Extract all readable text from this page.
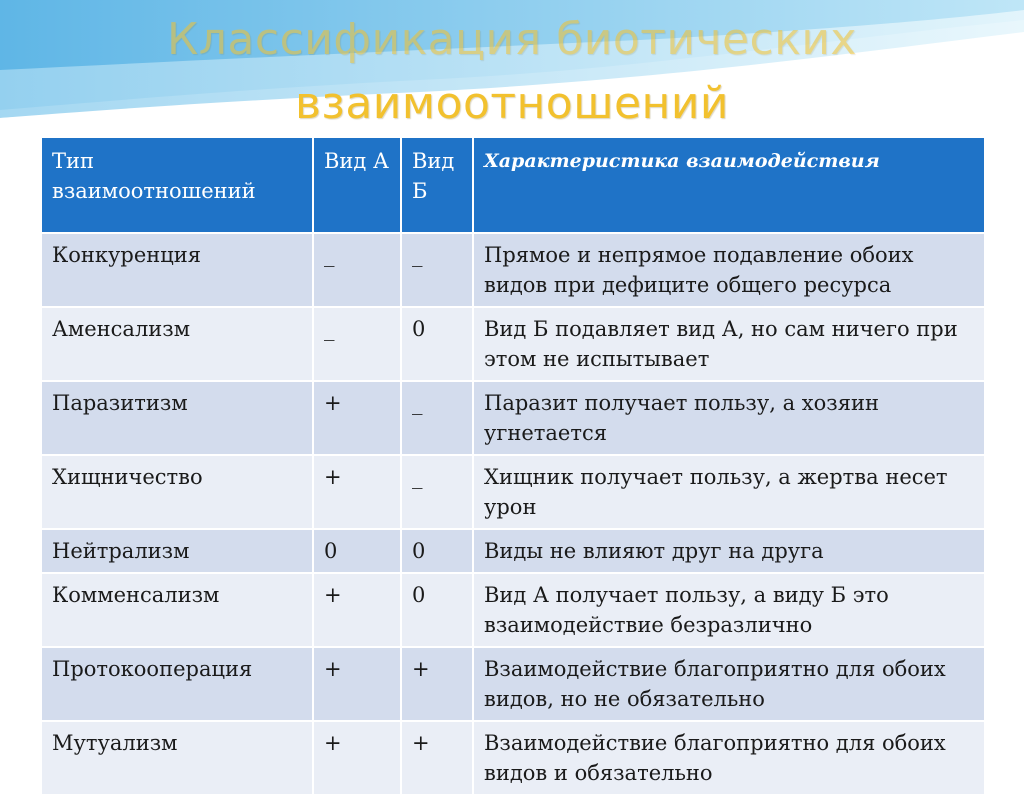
Классификация биотических
взаимоотношений
Тип взаимоотношений	Вид А	Вид Б	Характеристика взаимодействия
Конкуренция	_	_	Прямое и непрямое подавление обоих видов при дефиците общего ресурса
Аменсализм	_	0	Вид Б подавляет вид А, но сам ничего при этом не испытывает
Паразитизм	+	_	Паразит получает пользу, а хозяин угнетается
Хищничество	+	_	Хищник получает пользу, а жертва несет урон
Нейтрализм	0	0	Виды не влияют друг на друга
Комменсализм	+	0	Вид А получает пользу, а виду Б это взаимодействие безразлично
Протокооперация	+	+	Взаимодействие благоприятно для обоих видов, но не обязательно
Мутуализм	+	+	Взаимодействие благоприятно для обоих видов и обязательно
